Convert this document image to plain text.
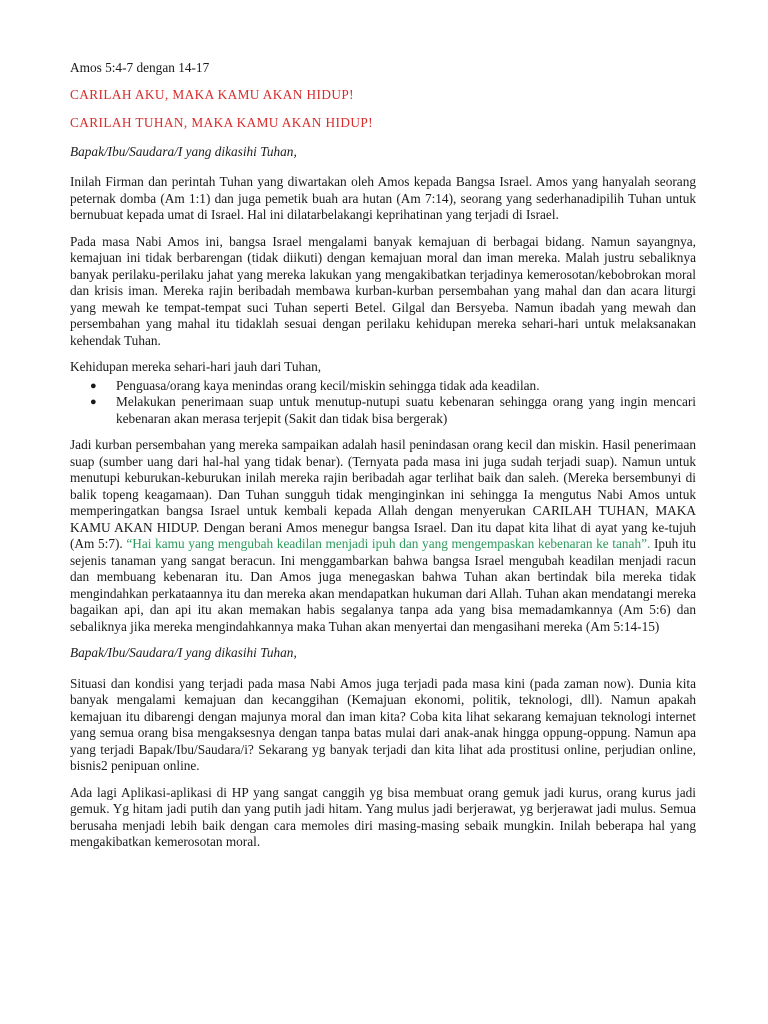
Amos 5:4-7 dengan 14-17

CARILAH AKU, MAKA KAMU AKAN HIDUP!

CARILAH TUHAN, MAKA KAMU AKAN HIDUP!

Bapak/Ibu/Saudara/I yang dikasihi Tuhan,

Inilah Firman dan perintah Tuhan yang diwartakan oleh Amos kepada Bangsa Israel. Amos yang hanyalah seorang peternak domba (Am 1:1) dan juga pemetik buah ara hutan (Am 7:14), seorang yang sederhanadipilih Tuhan untuk bernubuat kepada umat di Israel. Hal ini dilatarbelakangi keprihatinan yang terjadi di Israel.

Pada masa Nabi Amos ini, bangsa Israel mengalami banyak kemajuan di berbagai bidang. Namun sayangnya, kemajuan ini tidak berbarengan (tidak diikuti) dengan kemajuan moral dan iman mereka. Malah justru sebaliknya banyak perilaku-perilaku jahat yang mereka lakukan yang mengakibatkan terjadinya kemerosotan/kebobrokan moral dan krisis iman. Mereka rajin beribadah membawa kurban-kurban persembahan yang mahal dan dan acara liturgi yang mewah ke tempat-tempat suci Tuhan seperti Betel. Gilgal dan Bersyeba. Namun ibadah yang mewah dan persembahan yang mahal itu tidaklah sesuai dengan perilaku kehidupan mereka sehari-hari untuk melaksanakan kehendak Tuhan.

Kehidupan mereka sehari-hari jauh dari Tuhan,

● Penguasa/orang kaya menindas orang kecil/miskin sehingga tidak ada keadilan.
● Melakukan penerimaan suap untuk menutup-nutupi suatu kebenaran sehingga orang yang ingin mencari kebenaran akan merasa terjepit (Sakit dan tidak bisa bergerak)

Jadi kurban persembahan yang mereka sampaikan adalah hasil penindasan orang kecil dan miskin. Hasil penerimaan suap (sumber uang dari hal-hal yang tidak benar). (Ternyata pada masa ini juga sudah terjadi suap). Namun untuk menutupi keburukan-keburukan inilah mereka rajin beribadah agar terlihat baik dan saleh. (Mereka bersembunyi di balik topeng keagamaan). Dan Tuhan sungguh tidak menginginkan ini sehingga Ia mengutus Nabi Amos untuk memperingatkan bangsa Israel untuk kembali kepada Allah dengan menyerukan CARILAH TUHAN, MAKA KAMU AKAN HIDUP. Dengan berani Amos menegur bangsa Israel. Dan itu dapat kita lihat di ayat yang ke-tujuh (Am 5:7). “Hai kamu yang mengubah keadilan menjadi ipuh dan yang mengempaskan kebenaran ke tanah”. Ipuh itu sejenis tanaman yang sangat beracun. Ini menggambarkan bahwa bangsa Israel mengubah keadilan menjadi racun dan membuang kebenaran itu. Dan Amos juga menegaskan bahwa Tuhan akan bertindak bila mereka tidak mengindahkan perkataannya itu dan mereka akan mendapatkan hukuman dari Allah. Tuhan akan mendatangi mereka bagaikan api, dan api itu akan memakan habis segalanya tanpa ada yang bisa memadamkannya (Am 5:6) dan sebaliknya jika mereka mengindahkannya maka Tuhan akan menyertai dan mengasihani mereka (Am 5:14-15)

Bapak/Ibu/Saudara/I yang dikasihi Tuhan,

Situasi dan kondisi yang terjadi pada masa Nabi Amos juga terjadi pada masa kini (pada zaman now). Dunia kita banyak mengalami kemajuan dan kecanggihan (Kemajuan ekonomi, politik, teknologi, dll). Namun apakah kemajuan itu dibarengi dengan majunya moral dan iman kita? Coba kita lihat sekarang kemajuan teknologi internet yang semua orang bisa mengaksesnya dengan tanpa batas mulai dari anak-anak hingga oppung-oppung. Namun apa yang terjadi Bapak/Ibu/Saudara/i? Sekarang yg banyak terjadi dan kita lihat ada prostitusi online, perjudian online, bisnis2 penipuan online.

Ada lagi Aplikasi-aplikasi di HP yang sangat canggih yg bisa membuat orang gemuk jadi kurus, orang kurus jadi gemuk. Yg hitam jadi putih dan yang putih jadi hitam. Yang mulus jadi berjerawat, yg berjerawat jadi mulus. Semua berusaha menjadi lebih baik dengan cara memoles diri masing-masing sebaik mungkin. Inilah beberapa hal yang mengakibatkan kemerosotan moral.
